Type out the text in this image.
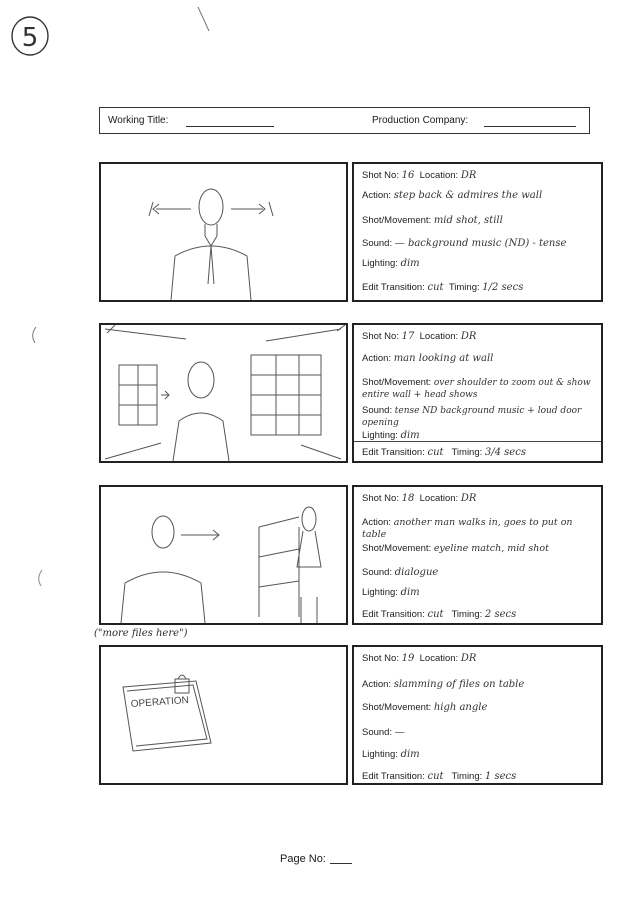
5
Working Title:	Production Company:
Shot No: 16 Location: DR
Action: step back & admires the wall
Shot/Movement: mid shot, still
Sound: — background music (ND) - tense
Lighting: dim
Edit Transition: cut Timing: 1/2 secs
Shot No: 17 Location: DR
Action: man looking at wall
Shot/Movement: over shoulder to zoom out & show entire wall + head shows
Sound: tense ND background music + loud door opening
Lighting: dim
Edit Transition: cut Timing: 3/4 secs
Shot No: 18 Location: DR
Action: another man walks in, goes to put on table
Shot/Movement: eyeline match, mid shot
Sound: dialogue
Lighting: dim
Edit Transition: cut Timing: 2 secs
("more files here")
OPERATION
Shot No: 19 Location: DR
Action: slamming of files on table
Shot/Movement: high angle
Sound: —
Lighting: dim
Edit Transition: cut Timing: 1 secs
Page No:
